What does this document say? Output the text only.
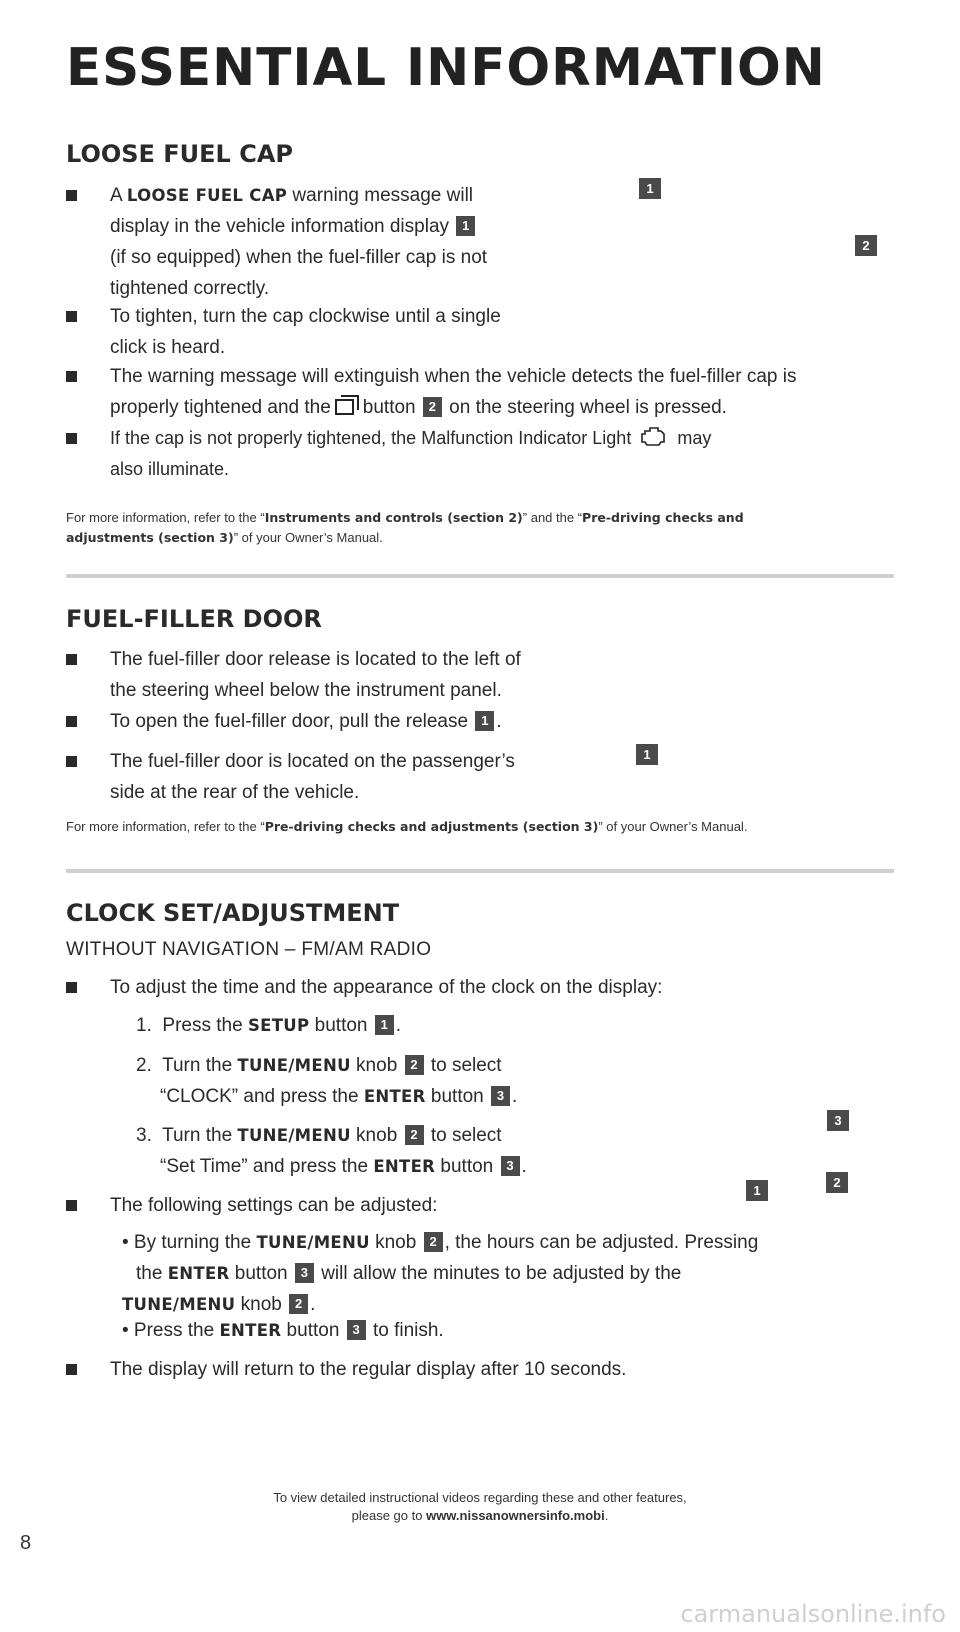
ESSENTIAL INFORMATION
LOOSE FUEL CAP
A LOOSE FUEL CAP warning message will
display in the vehicle information display 1
(if so equipped) when the fuel-filler cap is not
tightened correctly.
To tighten, turn the cap clockwise until a single
click is heard.
The warning message will extinguish when the vehicle detects the fuel-filler cap is
properly tightened and the button 2 on the steering wheel is pressed.
If the cap is not properly tightened, the Malfunction Indicator Light	may
also illuminate.
For more information, refer to the “Instruments and controls (section 2)” and the “Pre-driving checks and
adjustments (section 3)” of your Owner’s Manual.
1
2
FUEL-FILLER DOOR
The fuel-filler door release is located to the left of
the steering wheel below the instrument panel.
To open the fuel-filler door, pull the release 1 .
The fuel-filler door is located on the passenger’s
side at the rear of the vehicle.
For more information, refer to the “Pre-driving checks and adjustments (section 3)” of your Owner’s Manual.
1
CLOCK SET/ADJUSTMENT
WITHOUT NAVIGATION – FM/AM RADIO
To adjust the time and the appearance of the clock on the display:
1. Press the SETUP button 1 .
2. Turn the TUNE/MENU knob 2 to select
“CLOCK” and press the ENTER button 3 .
3. Turn the TUNE/MENU knob 2 to select
“Set Time” and press the ENTER button 3 .
The following settings can be adjusted:
• By turning the TUNE/MENU knob 2 , the hours can be adjusted. Pressing
the ENTER button 3 will allow the minutes to be adjusted by the
TUNE/MENU knob 2 .
• Press the ENTER button 3 to finish.
The display will return to the regular display after 10 seconds.
3
1
2
8
To view detailed instructional videos regarding these and other features,
please go to www.nissanownersinfo.mobi.
carmanualsonline.info
